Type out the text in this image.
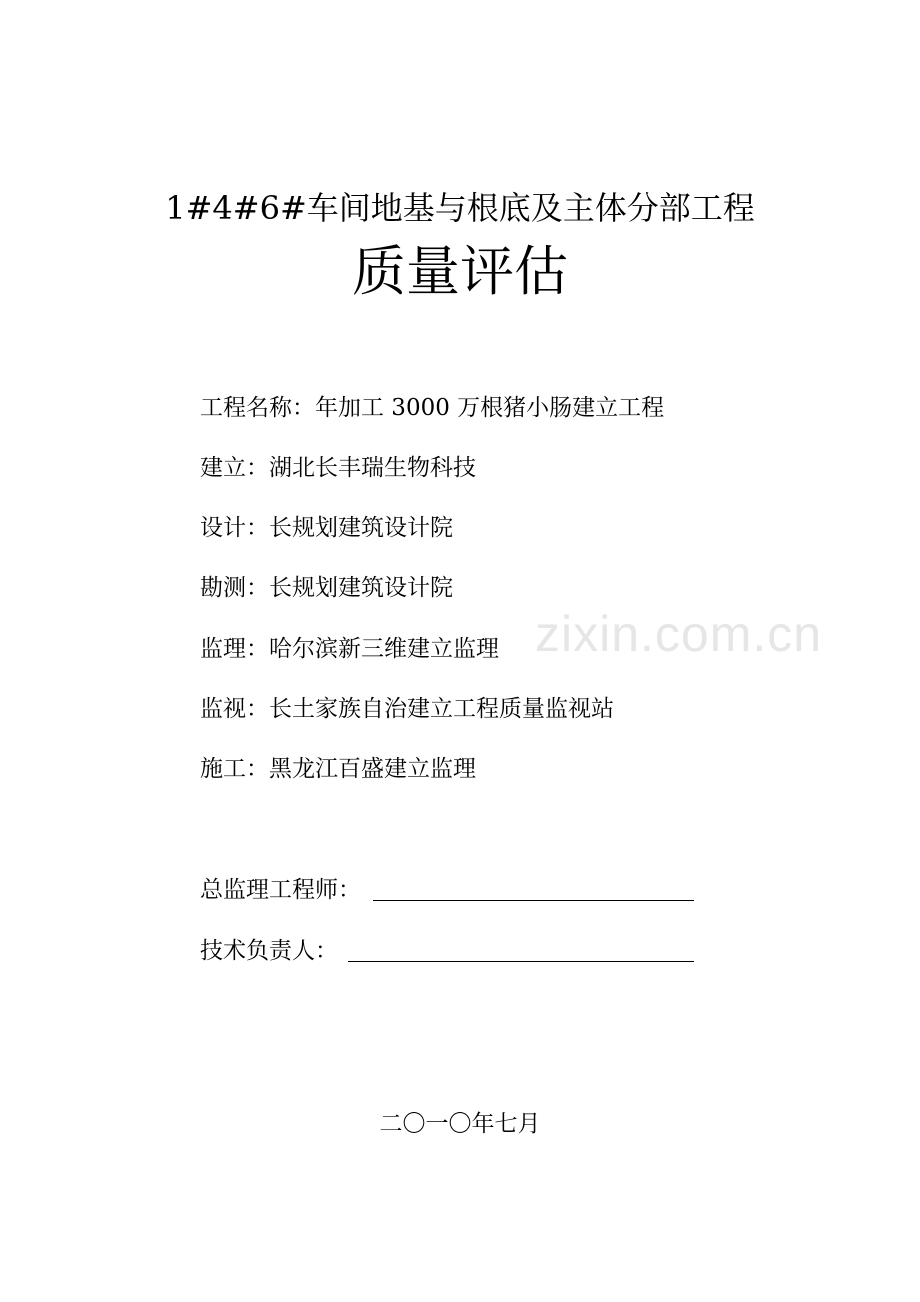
zixin.com.cn
1#4#6#车间地基与根底及主体分部工程
质量评估
工程名称：年加工 3000 万根猪小肠建立工程
建立：湖北长丰瑞生物科技
设计：长规划建筑设计院
勘测：长规划建筑设计院
监理：哈尔滨新三维建立监理
监视：长土家族自治建立工程质量监视站
施工：黑龙江百盛建立监理
总监理工程师：
技术负责人：
二〇一〇年七月
